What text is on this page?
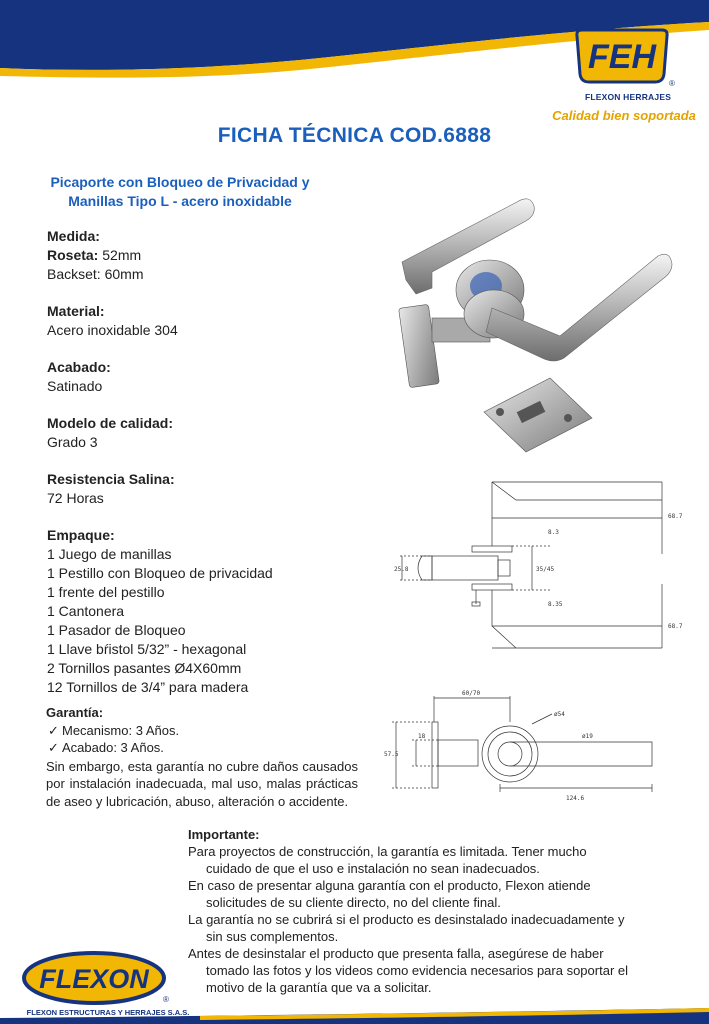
FEH
®
FLEXON HERRAJES
Calidad bien soportada
FICHA TÉCNICA COD.6888
Picaporte con Bloqueo de Privacidad y
Manillas Tipo L - acero inoxidable
Medida:
Roseta: 52mm
Backset: 60mm
Material:
Acero inoxidable 304
Acabado:
Satinado
Modelo de calidad:
Grado 3
Resistencia Salina:
72 Horas
Empaque:
1 Juego de manillas
1 Pestillo con Bloqueo de privacidad
1 frente del pestillo
1 Cantonera
1 Pasador de Bloqueo
1 Llave bŕistol 5/32” - hexagonal
2 Tornillos pasantes Ø4X60mm
12 Tornillos de 3/4” para madera
Garantía:
✓ Mecanismo: 3 Años.
✓ Acabado: 3 Años.
Sin embargo, esta garantía no cubre daños causados por instalación inadecuada, mal uso, malas prácticas de aseo y lubricación, abuso, alteración o accidente.
Importante:
Para proyectos de construcción, la garantía es limitada. Tener mucho
cuidado de que el uso e instalación no sean inadecuados.
En caso de presentar alguna garantía con el producto, Flexon atiende
solicitudes de su cliente directo, no del cliente final.
La garantía no se cubrirá si el producto es desinstalado inadecuadamente y
sin sus complementos.
Antes de desinstalar el producto que presenta falla, asegúrese de haber
tomado las fotos y los videos como evidencia necesarios para soportar el
motivo de la garantía que va a solicitar.
8.3
68.7
25.8	35/45
8.35
68.7
60/70
ø54
18
57.5
ø19
124.6
FLEXON
®
FLEXON ESTRUCTURAS Y HERRAJES S.A.S.
